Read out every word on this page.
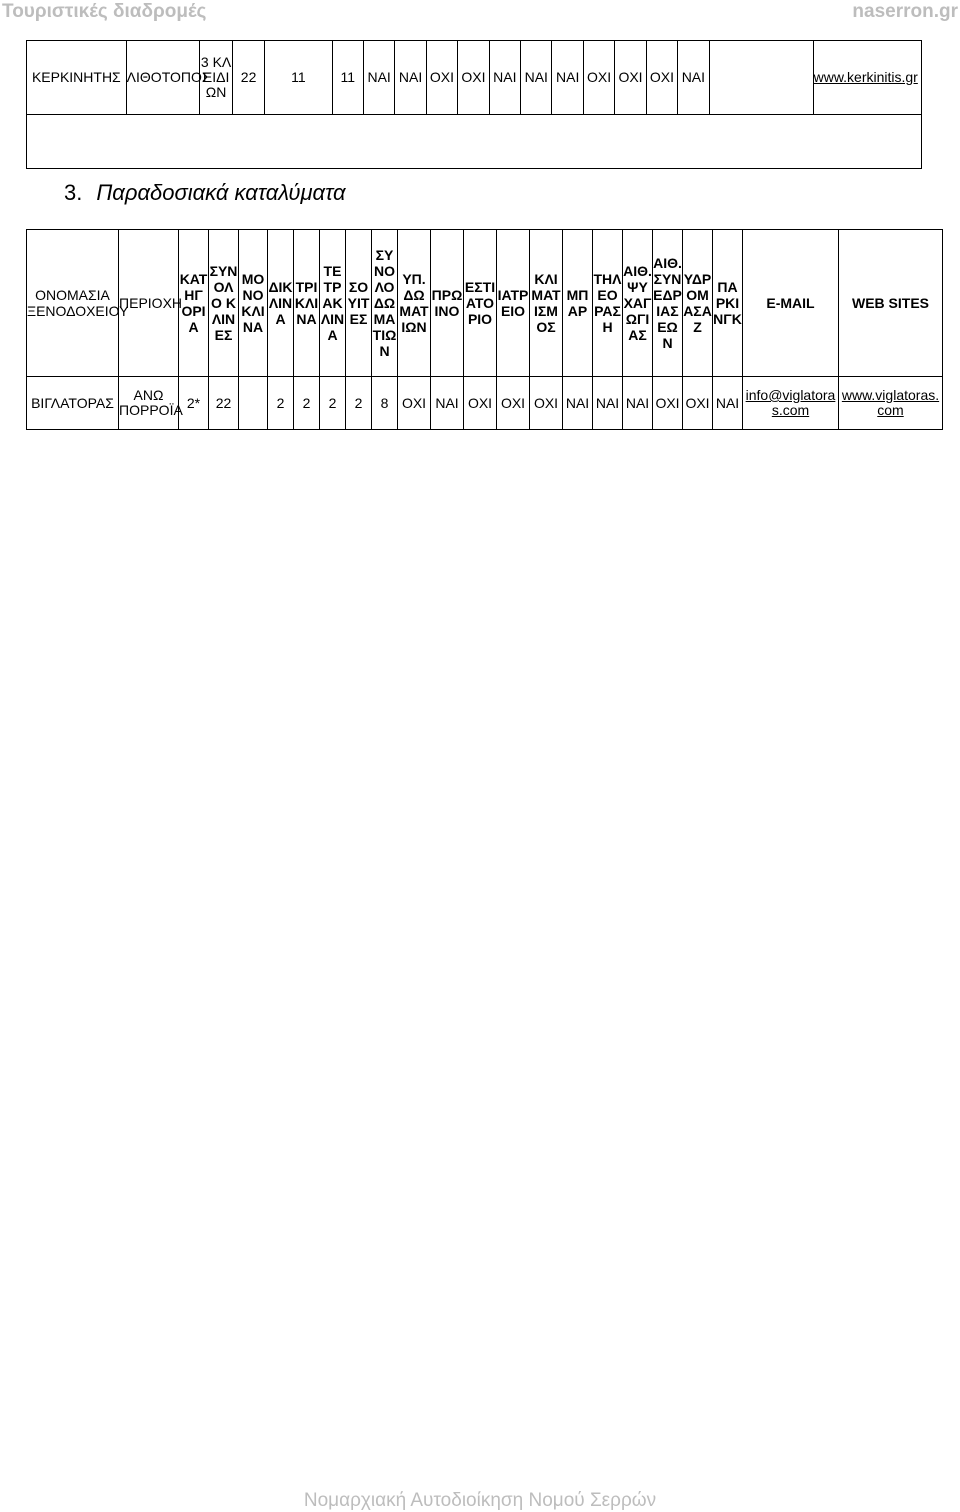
Τουριστικές διαδρομές	naserron.gr
ΚΕΡΚΙΝΗΤΗΣ	ΛΙΘΟΤΟΠΟΣ	3 ΚΛΕΙΔΙΩΝ	22	11	11	ΝΑΙ	ΝΑΙ	ΟΧΙ	ΟΧΙ	ΝΑΙ	ΝΑΙ	ΝΑΙ	ΟΧΙ	ΟΧΙ	ΟΧΙ	ΝΑΙ		www.kerkinitis.gr

3. Παραδοσιακά καταλύματα
ΟΝΟΜΑΣΙΑ ΞΕΝΟΔΟΧΕΙΟΥ	ΠΕΡΙΟΧΗ	ΚΑΤΗΓΟΡΙΑ	ΣΥΝΟΛΟ ΚΛΙΝΕΣ	ΜΟΝΟΚΛΙΝΑ	ΔΙΚΛΙΝΑ	ΤΡΙΚΛΙΝΑ	ΤΕΤΡΑΚΛΙΝΑ	ΣΟΥΙΤΕΣ	ΣΥΝΟΛΟ ΔΩΜΑΤΙΩΝ	ΥΠ. ΔΩΜΑΤΙΩΝ	ΠΡΩΙΝΟ	ΕΣΤΙΑΤΟΡΙΟ	ΙΑΤΡΕΙΟ	ΚΛΙΜΑΤΙΣΜΟΣ	ΜΠΑΡ	ΤΗΛΕΟΡΑΣΗ	ΑΙΘ. ΨΥΧΑΓΩΓΙΑΣ	ΑΙΘ. ΣΥΝΕΔΡΙΑΣΕΩΝ	ΥΔΡΟΜΑΣΑΖ	ΠΑΡΚΙΝΓΚ	E-MAIL	WEB SITES
ΒΙΓΛΑΤΟΡΑΣ	ΑΝΩ ΠΟΡΡΟΪΑ	2*	22		2	2	2	2	8	ΟΧΙ	ΝΑΙ	ΟΧΙ	ΟΧΙ	ΟΧΙ	ΝΑΙ	ΝΑΙ	ΝΑΙ	ΟΧΙ	ΟΧΙ	ΝΑΙ	info@viglatoras.com	www.viglatoras.com
Νομαρχιακή Αυτοδιοίκηση Νομού Σερρών
